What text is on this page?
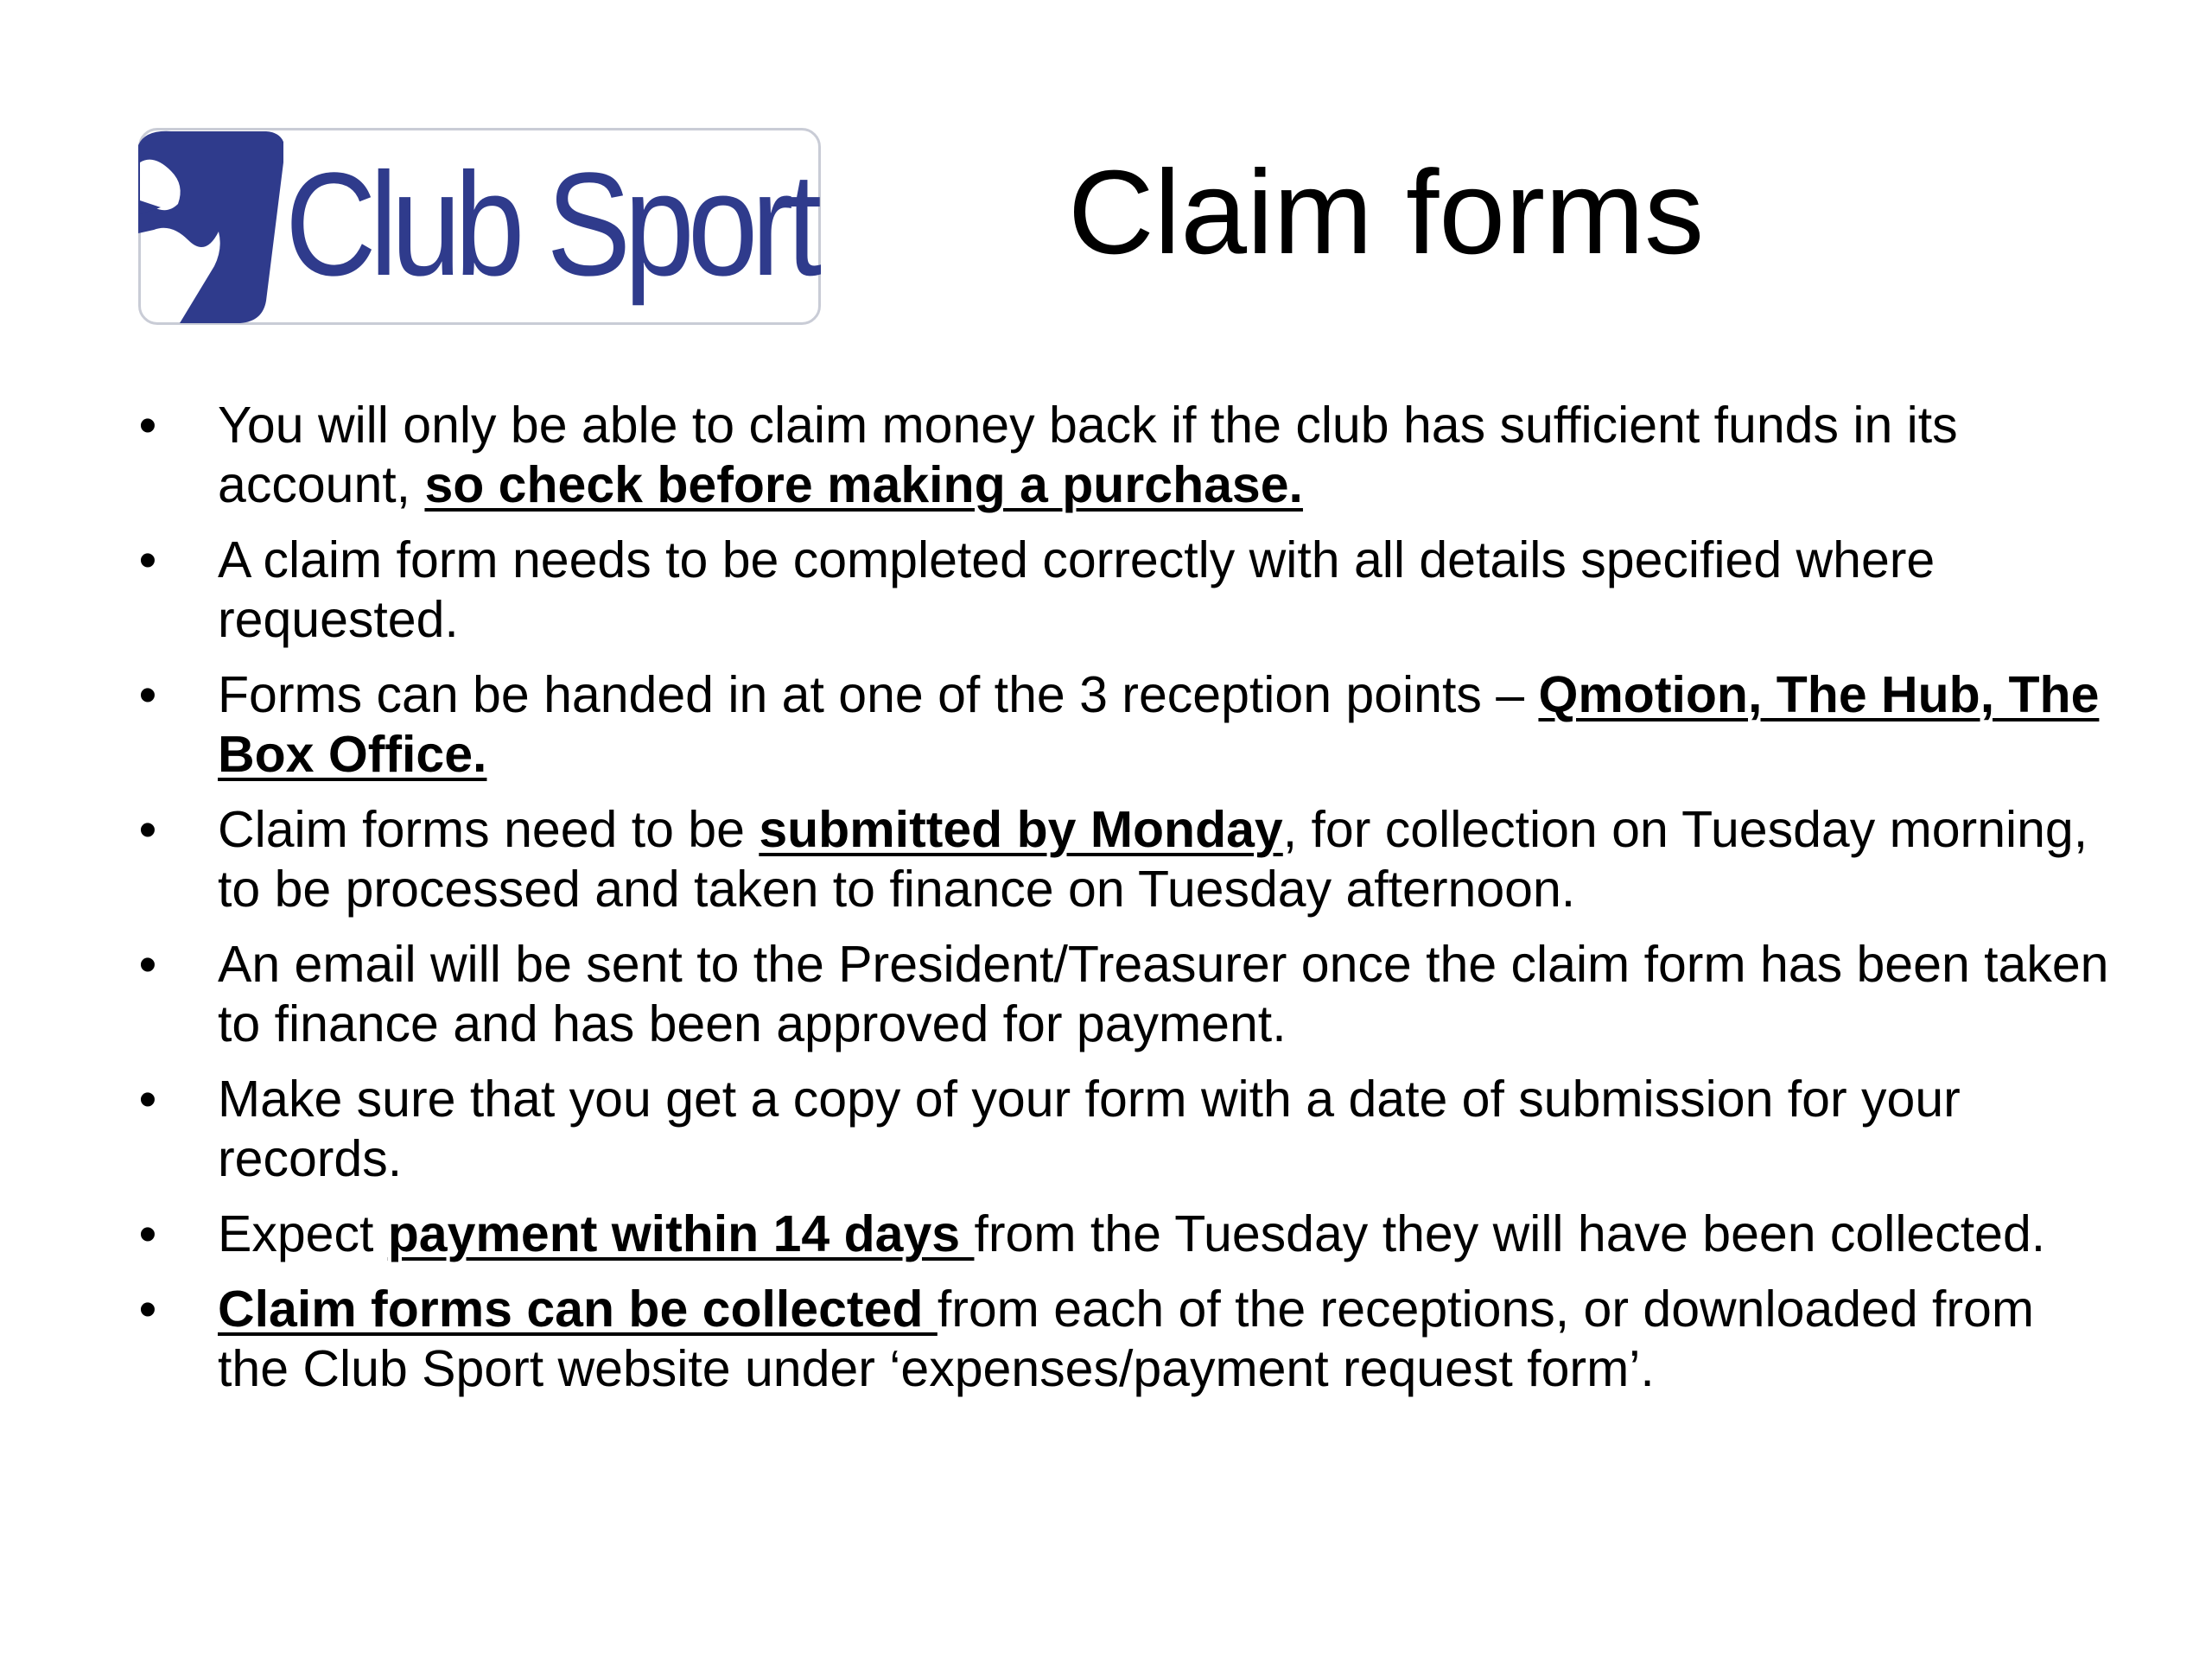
Club Sport Claim forms
• You will only be able to claim money back if the club has sufficient funds in its account, so check before making a purchase.
• A claim form needs to be completed correctly with all details specified where requested.
• Forms can be handed in at one of the 3 reception points – Qmotion, The Hub, The Box Office.
• Claim forms need to be submitted by Monday, for collection on Tuesday morning, to be processed and taken to finance on Tuesday afternoon.
• An email will be sent to the President/Treasurer once the claim form has been taken to finance and has been approved for payment.
• Make sure that you get a copy of your form with a date of submission for your records.
• Expect payment within 14 days from the Tuesday they will have been collected.
• Claim forms can be collected from each of the receptions, or downloaded from the Club Sport website under ‘expenses/payment request form’.
